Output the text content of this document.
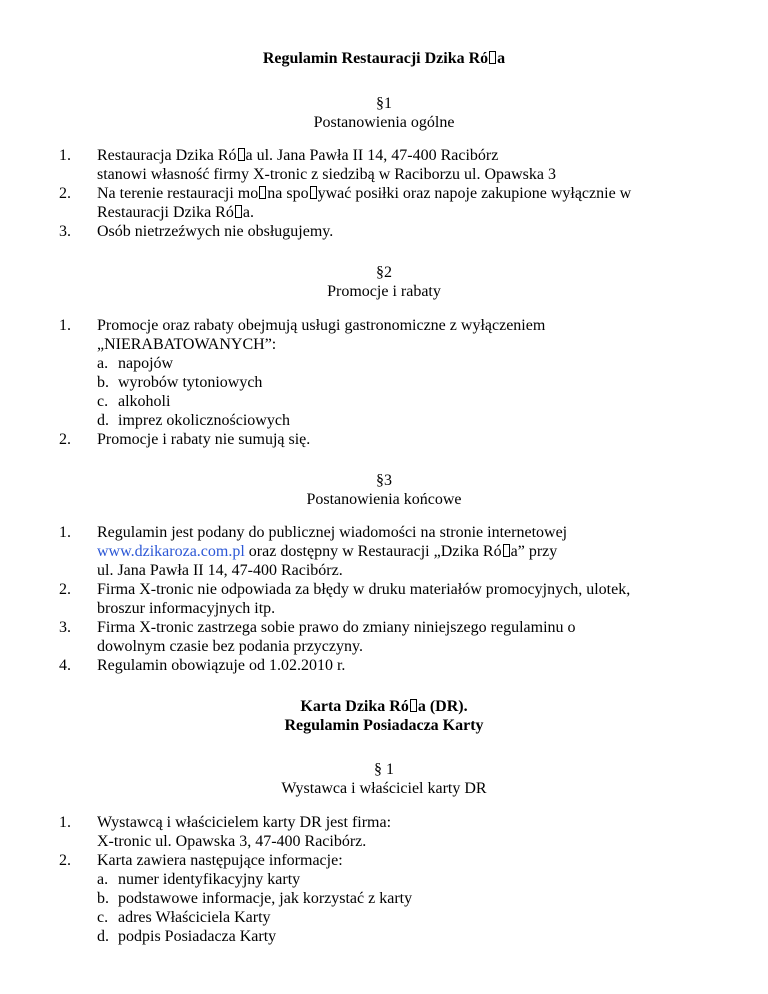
Regulamin Restauracji Dzika Ró a
§1
Postanowienia ogólne
1. Restauracja Dzika Ró a ul. Jana Pawła II 14, 47-400 Racibórz
stanowi własność firmy X-tronic z siedzibą w Raciborzu ul. Opawska 3
2. Na terenie restauracji mo na spo ywać posiłki oraz napoje zakupione wyłącznie w
Restauracji Dzika Ró a.
3. Osób nietrzeźwych nie obsługujemy.
§2
Promocje i rabaty
1. Promocje oraz rabaty obejmują usługi gastronomiczne z wyłączeniem
„NIERABATOWANYCH”:
a. napojów
b. wyrobów tytoniowych
c. alkoholi
d. imprez okolicznościowych
2. Promocje i rabaty nie sumują się.
§3
Postanowienia końcowe
1. Regulamin jest podany do publicznej wiadomości na stronie internetowej
www.dzikaroza.com.pl oraz dostępny w Restauracji „Dzika Ró a” przy
ul. Jana Pawła II 14, 47-400 Racibórz.
2. Firma X-tronic nie odpowiada za błędy w druku materiałów promocyjnych, ulotek,
broszur informacyjnych itp.
3. Firma X-tronic zastrzega sobie prawo do zmiany niniejszego regulaminu o
dowolnym czasie bez podania przyczyny.
4. Regulamin obowiązuje od 1.02.2010 r.
Karta Dzika Ró a (DR).
Regulamin Posiadacza Karty
§ 1
Wystawca i właściciel karty DR
1. Wystawcą i właścicielem karty DR jest firma:
X-tronic ul. Opawska 3, 47-400 Racibórz.
2. Karta zawiera następujące informacje:
a. numer identyfikacyjny karty
b. podstawowe informacje, jak korzystać z karty
c. adres Właściciela Karty
d. podpis Posiadacza Karty
